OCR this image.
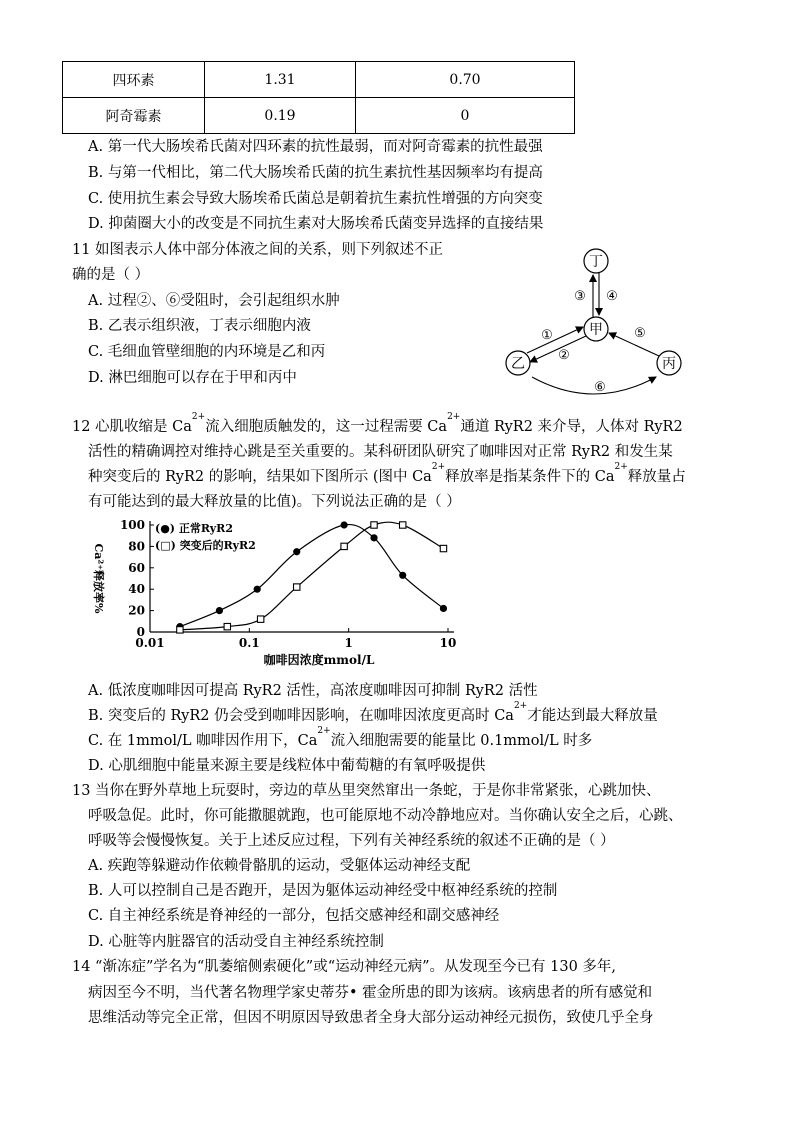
四环素	1.31	0.70
阿奇霉素	0.19	0
A. 第一代大肠埃希氏菌对四环素的抗性最弱，而对阿奇霉素的抗性最强
B. 与第一代相比，第二代大肠埃希氏菌的抗生素抗性基因频率均有提高
C. 使用抗生素会导致大肠埃希氏菌总是朝着抗生素抗性增强的方向突变
D. 抑菌圈大小的改变是不同抗生素对大肠埃希氏菌变异选择的直接结果
11 如图表示人体中部分体液之间的关系，则下列叙述不正
确的是（ ）
A. 过程②、⑥受阻时，会引起组织水肿
B. 乙表示组织液，丁表示细胞内液
C. 毛细血管壁细胞的内环境是乙和丙
D. 淋巴细胞可以存在于甲和丙中
丁
甲
乙	丙
③ ④
①
②
⑤
⑥
12 心肌收缩是 $Ca^{2+}$流入细胞质触发的，这一过程需要 $Ca^{2+}$通道 RyR2 来介导，人体对 RyR2
活性的精确调控对维持心跳是至关重要的。某科研团队研究了咖啡因对正常 RyR2 和发生某
种突变后的 RyR2 的影响，结果如下图所示 (图中 $Ca^{2+}$释放率是指某条件下的 $Ca^{2+}$释放量占
有可能达到的最大释放量的比值)。下列说法正确的是（ ）
0
20
40
60
80
100
0.01	0.1	1	10
咖啡因浓度mmol/L
Ca²⁺释放率%
(●) 正常RyR2
(□) 突变后的RyR2
A. 低浓度咖啡因可提高 RyR2 活性，高浓度咖啡因可抑制 RyR2 活性
B. 突变后的 RyR2 仍会受到咖啡因影响，在咖啡因浓度更高时 $Ca^{2+}$才能达到最大释放量
C. 在 1mmol/L 咖啡因作用下，$Ca^{2+}$流入细胞需要的能量比 0.1mmol/L 时多
D. 心肌细胞中能量来源主要是线粒体中葡萄糖的有氧呼吸提供
13 当你在野外草地上玩耍时，旁边的草丛里突然窜出一条蛇，于是你非常紧张，心跳加快、
呼吸急促。此时，你可能撒腿就跑，也可能原地不动冷静地应对。当你确认安全之后，心跳、
呼吸等会慢慢恢复。关于上述反应过程，下列有关神经系统的叙述不正确的是（ ）
A. 疾跑等躲避动作依赖骨骼肌的运动，受躯体运动神经支配
B. 人可以控制自己是否跑开，是因为躯体运动神经受中枢神经系统的控制
C. 自主神经系统是脊神经的一部分，包括交感神经和副交感神经
D. 心脏等内脏器官的活动受自主神经系统控制
14 “渐冻症”学名为“肌萎缩侧索硬化”或“运动神经元病”。从发现至今已有 130 多年,
病因至今不明，当代著名物理学家史蒂芬• 霍金所患的即为该病。该病患者的所有感觉和
思维活动等完全正常，但因不明原因导致患者全身大部分运动神经元损伤，致使几乎全身
